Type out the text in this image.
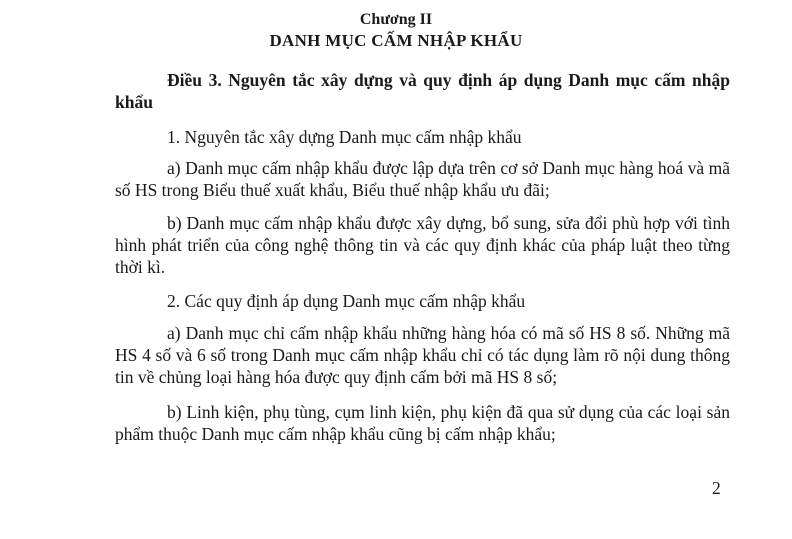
Chương II
DANH MỤC CẤM NHẬP KHẨU
Điều 3. Nguyên tắc xây dựng và quy định áp dụng Danh mục cấm nhập khẩu
1. Nguyên tắc xây dựng Danh mục cấm nhập khẩu
a) Danh mục cấm nhập khẩu được lập dựa trên cơ sở Danh mục hàng hoá và mã số HS trong Biểu thuế xuất khẩu, Biểu thuế nhập khẩu ưu đãi;
b) Danh mục cấm nhập khẩu được xây dựng, bổ sung, sửa đổi phù hợp với tình hình phát triển của công nghệ thông tin và các quy định khác của pháp luật theo từng thời kì.
2. Các quy định áp dụng Danh mục cấm nhập khẩu
a) Danh mục chỉ cấm nhập khẩu những hàng hóa có mã số HS 8 số. Những mã HS 4 số và 6 số trong Danh mục cấm nhập khẩu chỉ có tác dụng làm rõ nội dung thông tin về chủng loại hàng hóa được quy định cấm bởi mã HS 8 số;
b) Linh kiện, phụ tùng, cụm linh kiện, phụ kiện đã qua sử dụng của các loại sản phẩm thuộc Danh mục cấm nhập khẩu cũng bị cấm nhập khẩu;
2
